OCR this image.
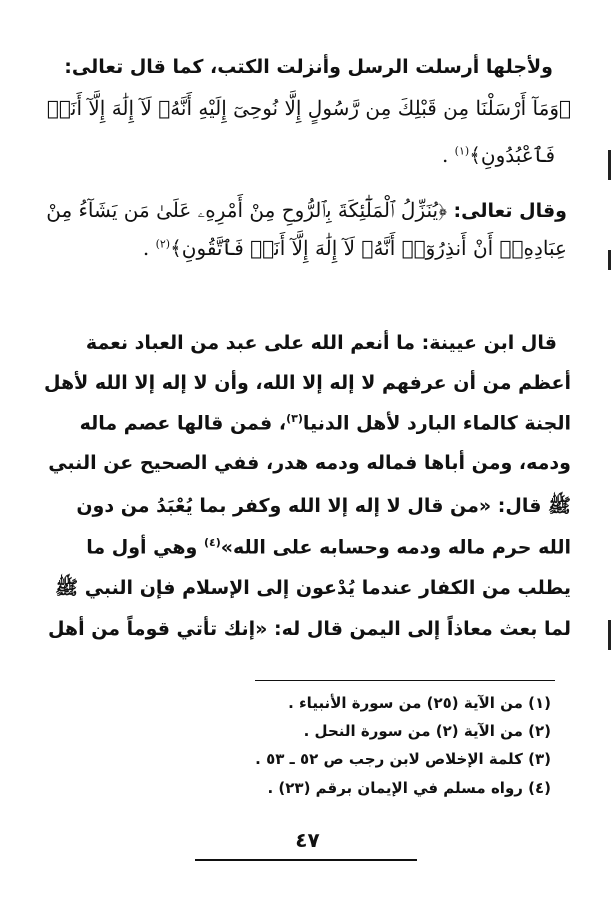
ولأجلها أرسلت الرسل وأنزلت الكتب، كما قال تعالى:
﴿وَمَآ أَرْسَلْنَا مِن قَبْلِكَ مِن رَّسُولٍ إِلَّا نُوحِىٓ إِلَيْهِ أَنَّهُۥ لَآ إِلَٰهَ إِلَّآ أَنَا۠
فَٱعْبُدُونِ﴾$^{(١)}$ .
وقال تعالى: ﴿يُنَزِّلُ ٱلْمَلَٰٓئِكَةَ بِٱلرُّوحِ مِنْ أَمْرِهِۦ عَلَىٰ مَن يَشَآءُ مِنْ
عِبَادِهِۦٓ أَنْ أَنذِرُوٓا۟ أَنَّهُۥ لَآ إِلَٰهَ إِلَّآ أَنَا۠ فَٱتَّقُونِ﴾$^{(٢)}$ .
قال ابن عيينة: ما أنعم الله على عبد من العباد نعمة
أعظم من أن عرفهم لا إله إلا الله، وأن لا إله إلا الله لأهل
الجنة كالماء البارد لأهل الدنيا$^{(٣)}$، فمن قالها عصم ماله
ودمه، ومن أباها فماله ودمه هدر، ففي الصحيح عن النبي
ﷺ قال: «من قال لا إله إلا الله وكفر بما يُعْبَدُ من دون
الله حرم ماله ودمه وحسابه على الله»$^{(٤)}$ وهي أول ما
يطلب من الكفار عندما يُدْعون إلى الإسلام فإن النبي ﷺ
لما بعث معاذاً إلى اليمن قال له: «إنك تأتي قوماً من أهل
(١) من الآية (٢٥) من سورة الأنبياء .
(٢) من الآية (٢) من سورة النحل .
(٣) كلمة الإخلاص لابن رجب ص ٥٢ ـ ٥٣ .
(٤) رواه مسلم في الإيمان برقم (٢٣) .
٤٧
